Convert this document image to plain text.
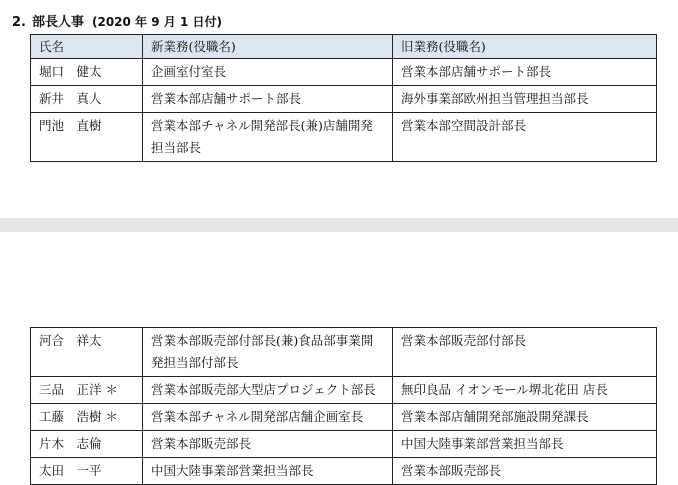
2. 部長人事 (2020 年 9 月 1 日付)
氏名	新業務(役職名)	旧業務(役職名)
堀口　健太	企画室付室長	営業本部店舗サポート部長
新井　真人	営業本部店舗サポート部長	海外事業部欧州担当管理担当部長
門池　直樹	営業本部チャネル開発部長(兼)店舗開発担当部長	営業本部空間設計部長
河合　祥太	営業本部販売部付部長(兼)食品部事業開発担当部付部長	営業本部販売部付部長
三品　正洋 ＊	営業本部販売部大型店プロジェクト部長	無印良品 イオンモール堺北花田 店長
工藤　浩樹 ＊	営業本部チャネル開発部店舗企画室長	営業本部店舗開発部施設開発課長
片木　志倫	営業本部販売部長	中国大陸事業部営業担当部長
太田　一平	中国大陸事業部営業担当部長	営業本部販売部長
